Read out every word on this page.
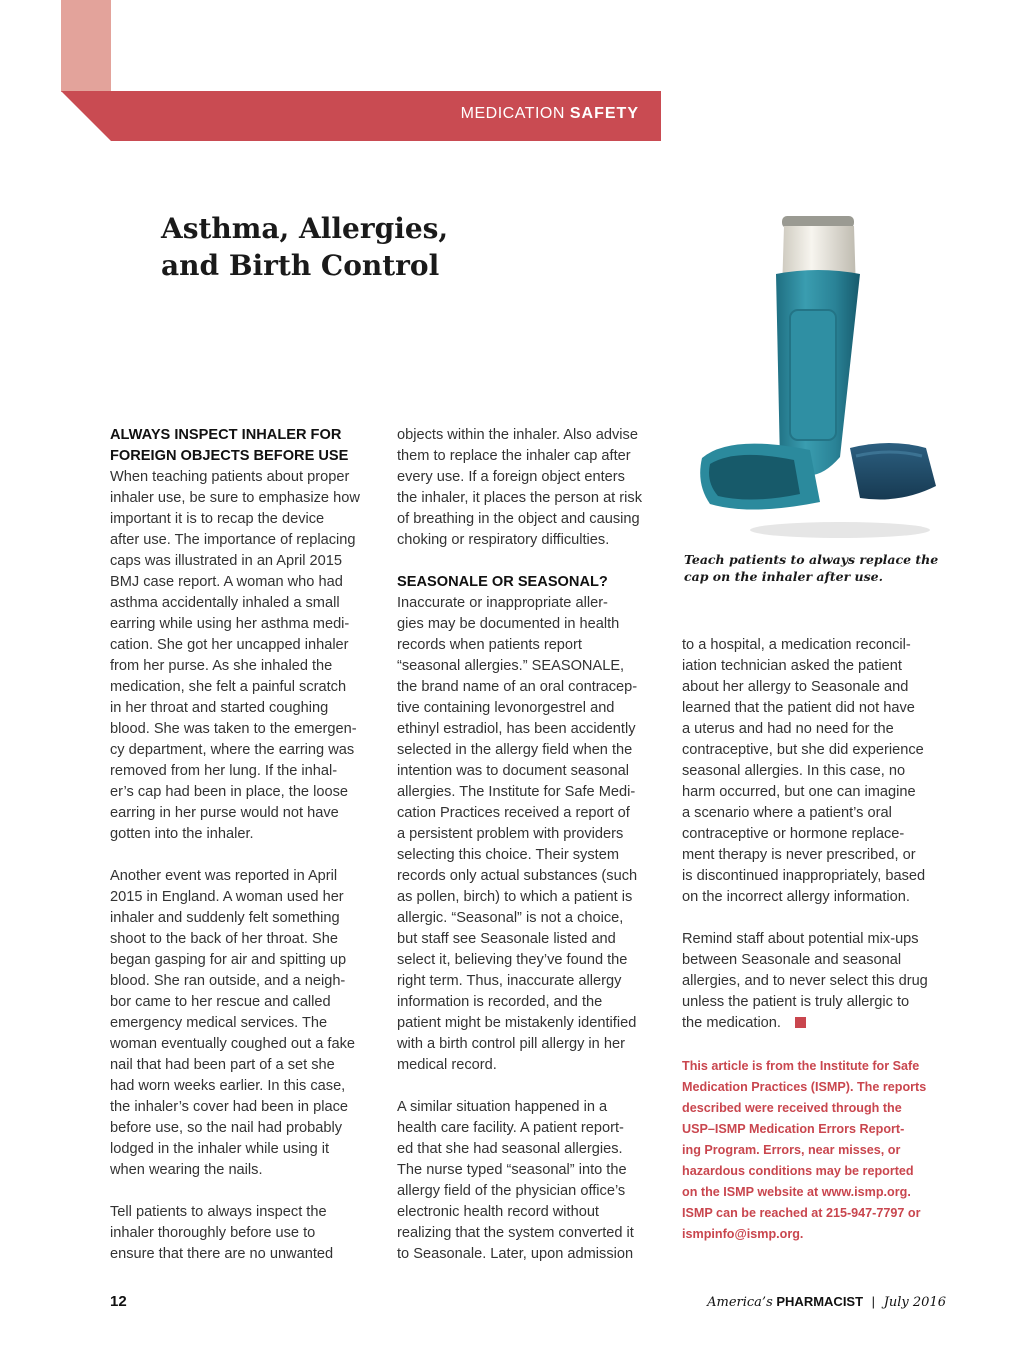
MEDICATION SAFETY
Asthma, Allergies,
and Birth Control
Teach patients to always replace the
cap on the inhaler after use.
ALWAYS INSPECT INHALER FOR
FOREIGN OBJECTS BEFORE USE
When teaching patients about proper
inhaler use, be sure to emphasize how
important it is to recap the device
after use. The importance of replacing
caps was illustrated in an April 2015
BMJ case report. A woman who had
asthma accidentally inhaled a small
earring while using her asthma medi-
cation. She got her uncapped inhaler
from her purse. As she inhaled the
medication, she felt a painful scratch
in her throat and started coughing
blood. She was taken to the emergen-
cy department, where the earring was
removed from her lung. If the inhal-
er’s cap had been in place, the loose
earring in her purse would not have
gotten into the inhaler.
Another event was reported in April
2015 in England. A woman used her
inhaler and suddenly felt something
shoot to the back of her throat. She
began gasping for air and spitting up
blood. She ran outside, and a neigh-
bor came to her rescue and called
emergency medical services. The
woman eventually coughed out a fake
nail that had been part of a set she
had worn weeks earlier. In this case,
the inhaler’s cover had been in place
before use, so the nail had probably
lodged in the inhaler while using it
when wearing the nails.
Tell patients to always inspect the
inhaler thoroughly before use to
ensure that there are no unwanted
objects within the inhaler. Also advise
them to replace the inhaler cap after
every use. If a foreign object enters
the inhaler, it places the person at risk
of breathing in the object and causing
choking or respiratory difficulties.
SEASONALE OR SEASONAL?
Inaccurate or inappropriate aller-
gies may be documented in health
records when patients report
“seasonal allergies.” SEASONALE,
the brand name of an oral contracep-
tive containing levonorgestrel and
ethinyl estradiol, has been accidently
selected in the allergy field when the
intention was to document seasonal
allergies. The Institute for Safe Medi-
cation Practices received a report of
a persistent problem with providers
selecting this choice. Their system
records only actual substances (such
as pollen, birch) to which a patient is
allergic. “Seasonal” is not a choice,
but staff see Seasonale listed and
select it, believing they’ve found the
right term. Thus, inaccurate allergy
information is recorded, and the
patient might be mistakenly identified
with a birth control pill allergy in her
medical record.
A similar situation happened in a
health care facility. A patient report-
ed that she had seasonal allergies.
The nurse typed “seasonal” into the
allergy field of the physician office’s
electronic health record without
realizing that the system converted it
to Seasonale. Later, upon admission
to a hospital, a medication reconcil-
iation technician asked the patient
about her allergy to Seasonale and
learned that the patient did not have
a uterus and had no need for the
contraceptive, but she did experience
seasonal allergies. In this case, no
harm occurred, but one can imagine
a scenario where a patient’s oral
contraceptive or hormone replace-
ment therapy is never prescribed, or
is discontinued inappropriately, based
on the incorrect allergy information.
Remind staff about potential mix-ups
between Seasonale and seasonal
allergies, and to never select this drug
unless the patient is truly allergic to
the medication.
This article is from the Institute for Safe
Medication Practices (ISMP). The reports
described were received through the
USP–ISMP Medication Errors Report-
ing Program. Errors, near misses, or
hazardous conditions may be reported
on the ISMP website at www.ismp.org.
ISMP can be reached at 215-947-7797 or
ismpinfo@ismp.org.
12	America’s PHARMACIST | July 2016
